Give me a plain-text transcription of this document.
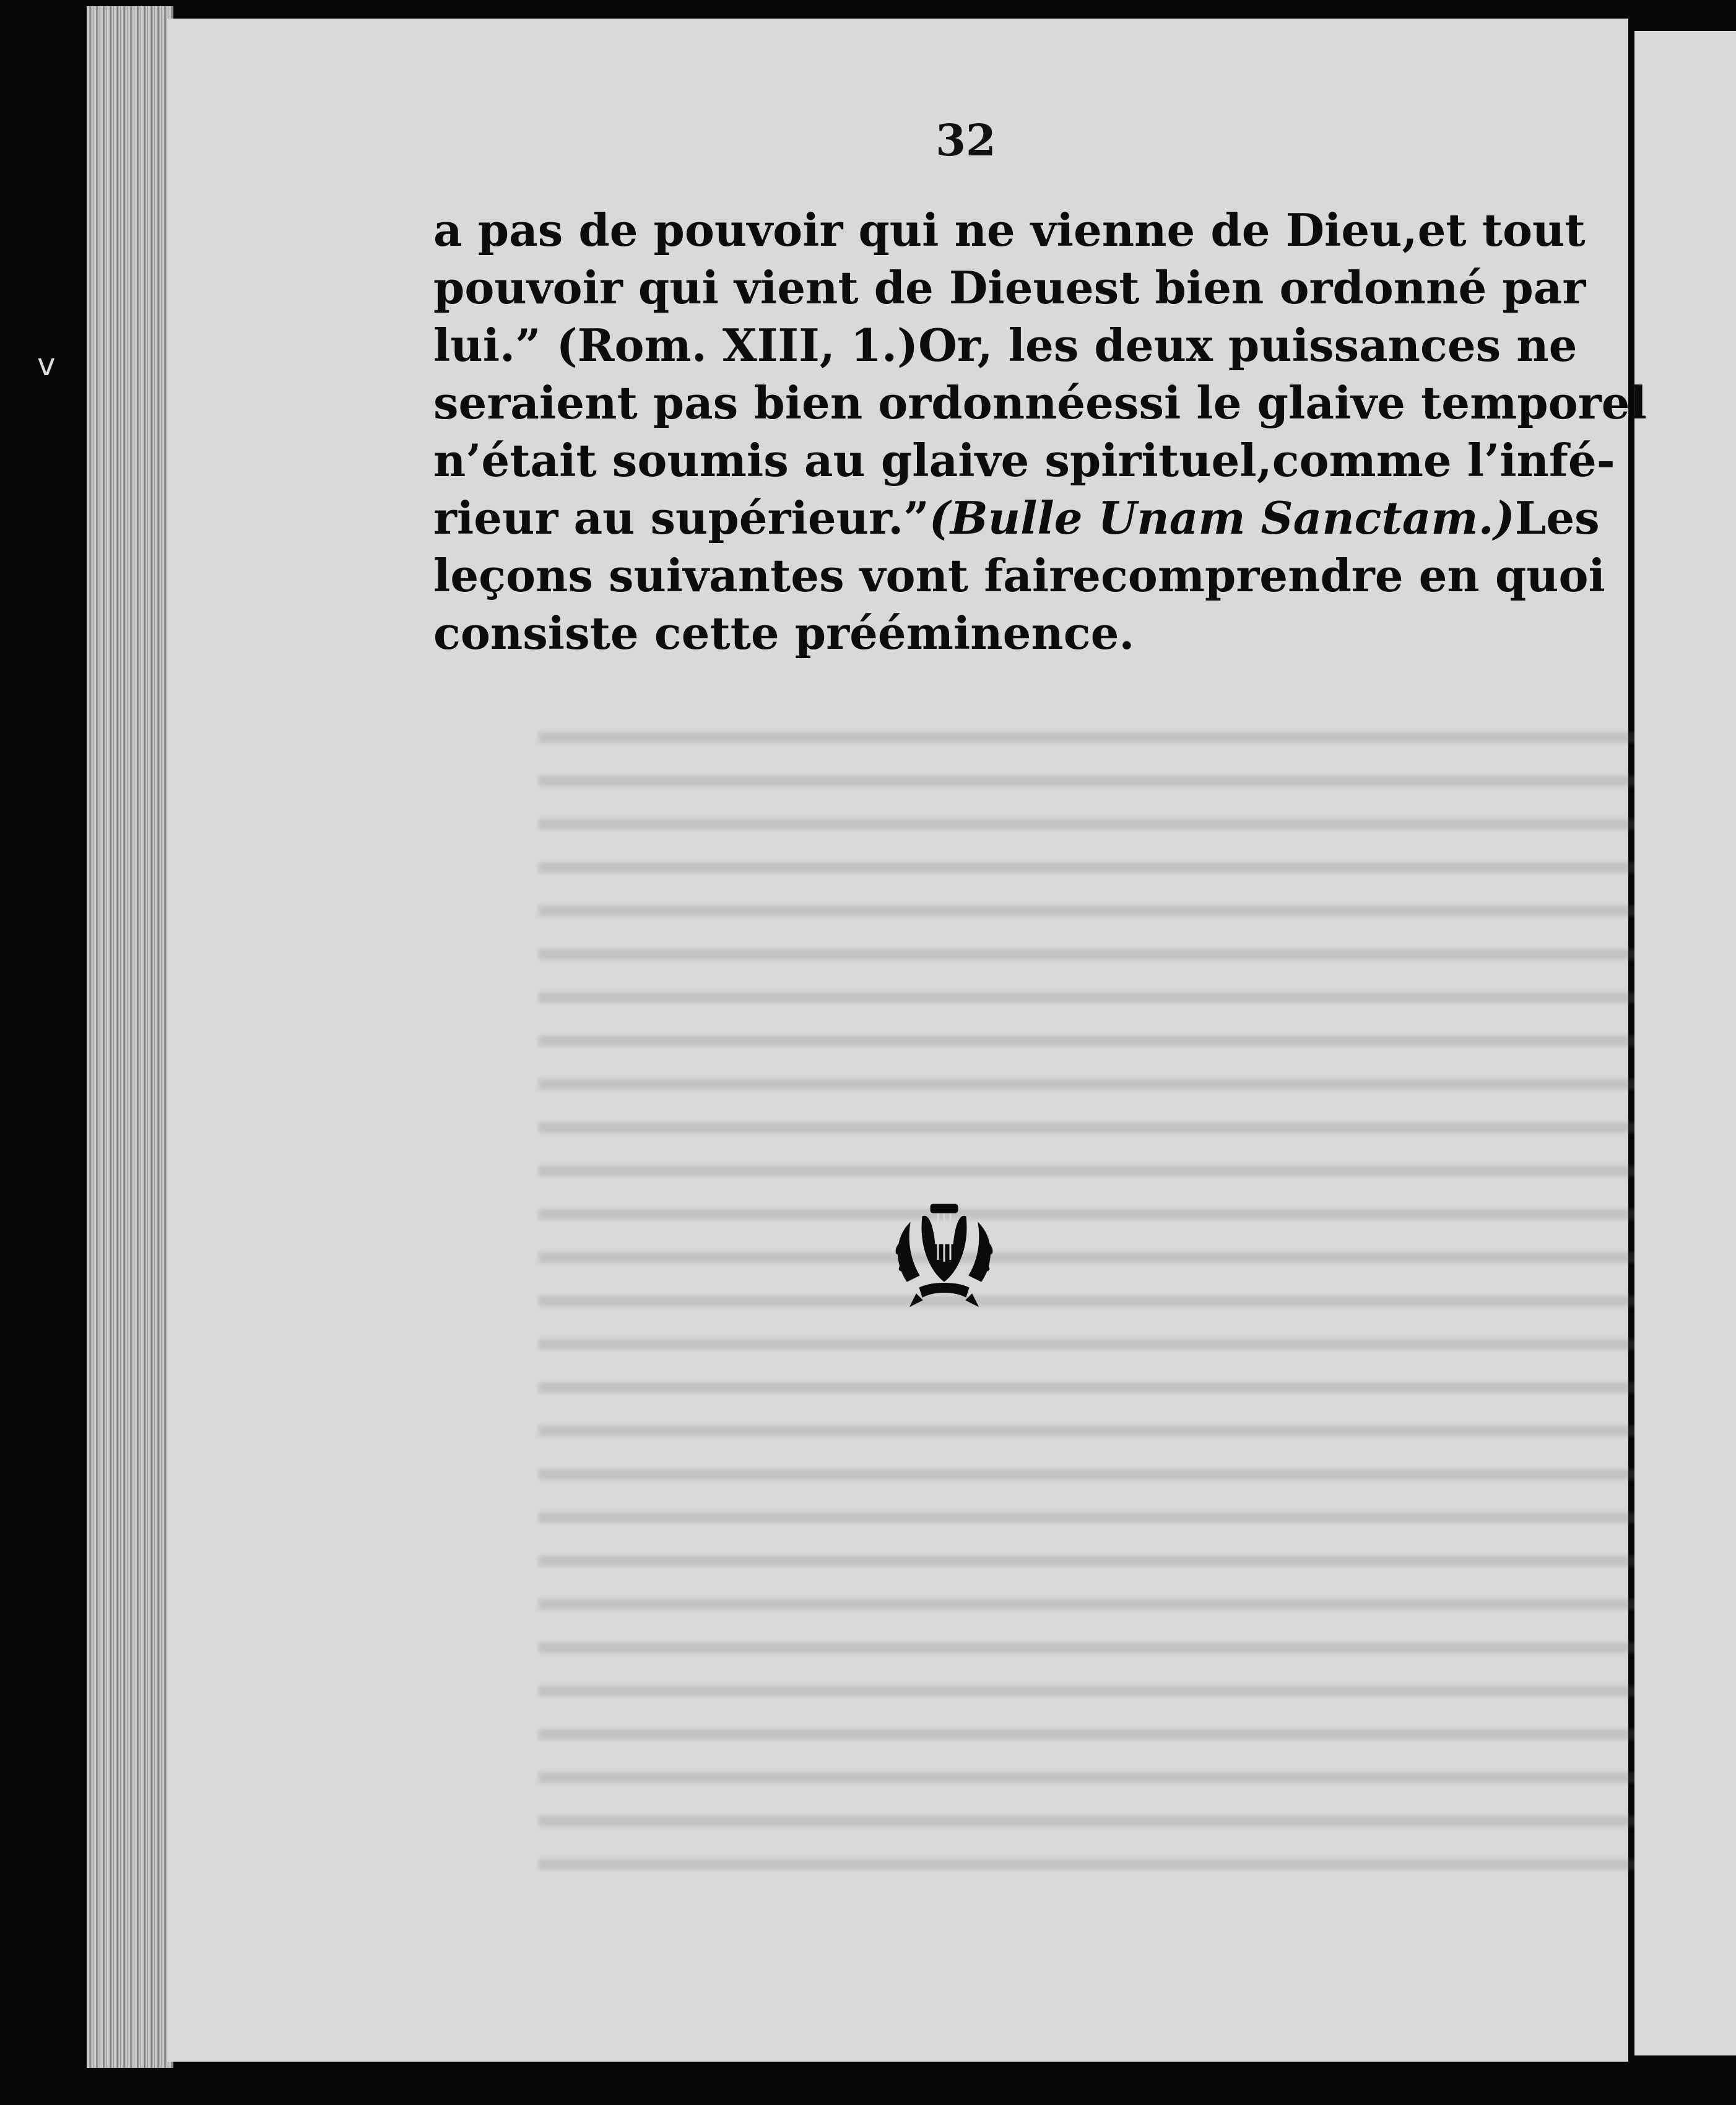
v
32
a pas de pouvoir qui ne vienne de Dieu, et tout
pouvoir qui vient de Dieu est bien ordonné par
lui.” (Rom. XIII, 1.) Or, les deux puissances ne
seraient pas bien ordonnées si le glaive temporel
n’était soumis au glaive spirituel, comme l’infé-
rieur au supérieur.” (Bulle Unam Sanctam.) Les
leçons suivantes vont faire comprendre en quoi
consiste cette prééminence.
